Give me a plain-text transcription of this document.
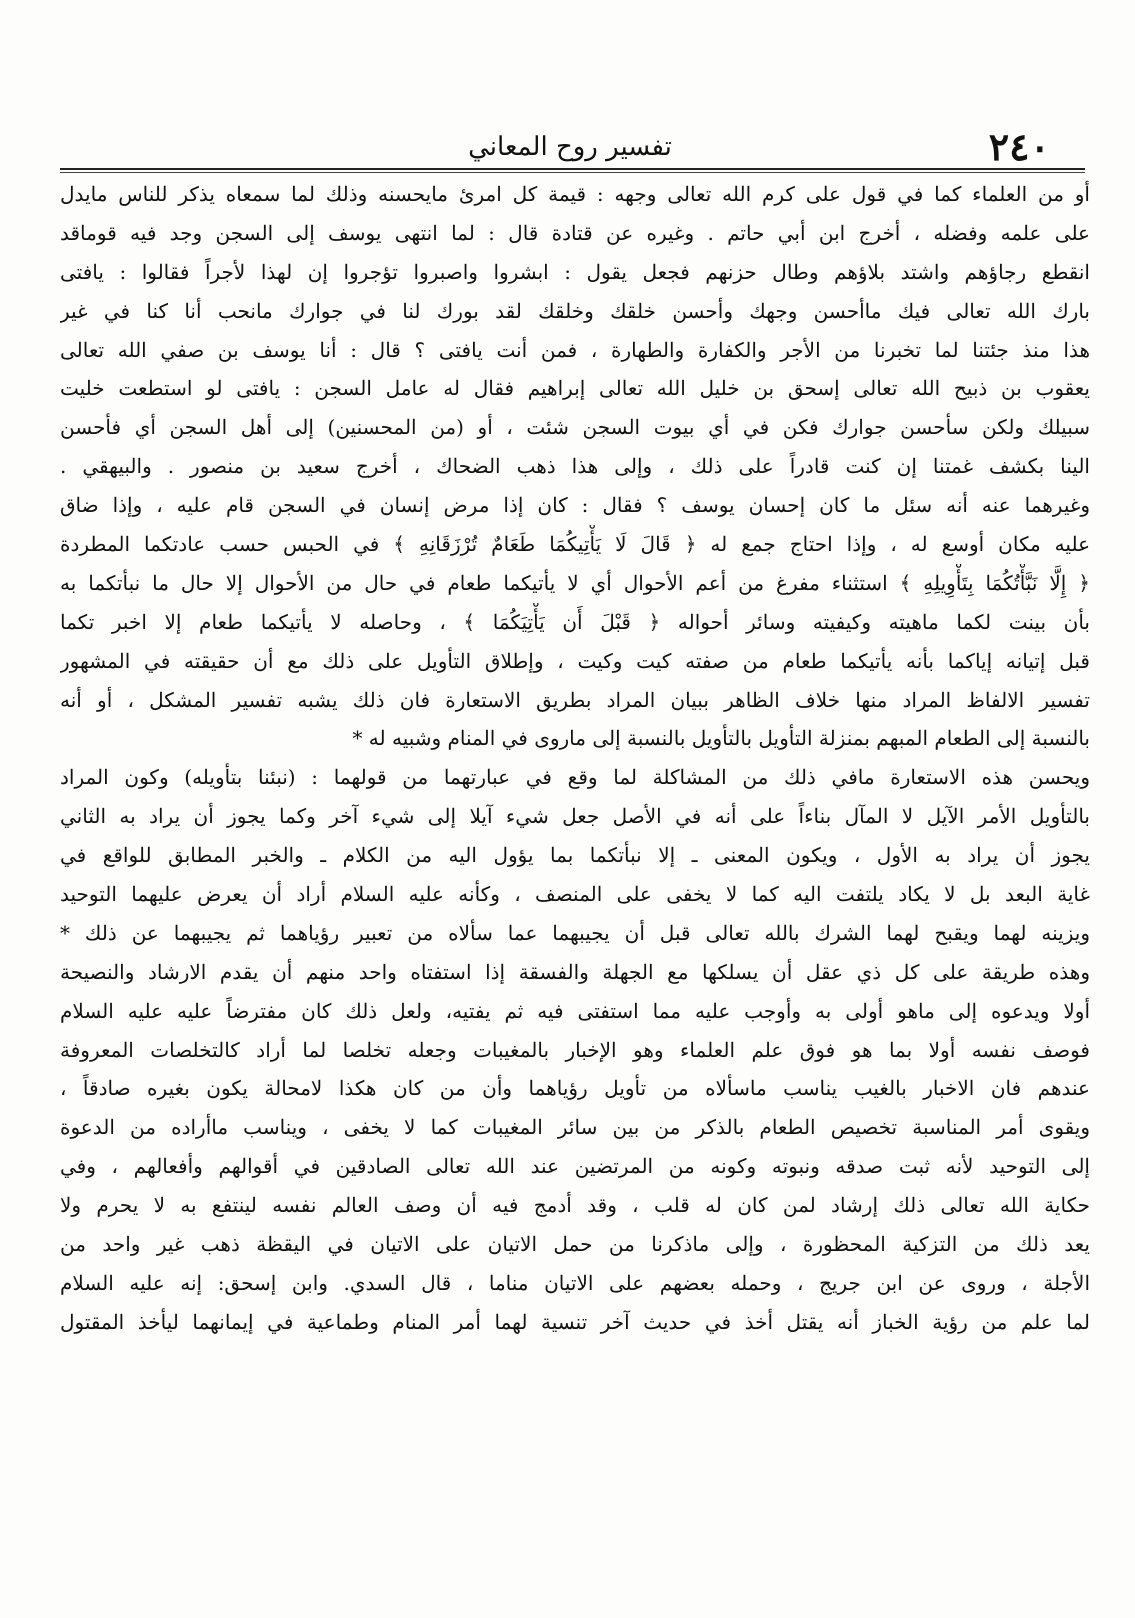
٢٤٠
تفسير روح المعاني
أو من العلماء كما في قول على كرم الله تعالى وجهه : قيمة كل امرئ مايحسنه وذلك لما سمعاه يذكر للناس مايدل
على علمه وفضله ، أخرج ابن أبي حاتم . وغيره عن قتادة قال : لما انتهى يوسف إلى السجن وجد فيه قوماقد
انقطع رجاؤهم واشتد بلاؤهم وطال حزنهم فجعل يقول : ابشروا واصبروا تؤجروا إن لهذا لأجراً فقالوا : يافتى
بارك الله تعالى فيك ماأحسن وجهك وأحسن خلقك وخلقك لقد بورك لنا في جوارك مانحب أنا كنا في غير
هذا منذ جئتنا لما تخبرنا من الأجر والكفارة والطهارة ، فمن أنت يافتى ؟ قال : أنا يوسف بن صفي الله تعالى
يعقوب بن ذبيح الله تعالى إسحق بن خليل الله تعالى إبراهيم فقال له عامل السجن : يافتى لو استطعت خليت
سبيلك ولكن سأحسن جوارك فكن في أي بيوت السجن شئت ، أو (من المحسنين) إلى أهل السجن أي فأحسن
الينا بكشف غمتنا إن كنت قادراً على ذلك ، وإلى هذا ذهب الضحاك ، أخرج سعيد بن منصور . والبيهقي .
وغيرهما عنه أنه سئل ما كان إحسان يوسف ؟ فقال : كان إذا مرض إنسان في السجن قام عليه ، وإذا ضاق
عليه مكان أوسع له ، وإذا احتاج جمع له ﴿ قَالَ لَا يَأْتِيكُمَا طَعَامٌ تُرْزَقَانِهِ ﴾ في الحبس حسب عادتكما المطردة
﴿ إِلَّا نَبَّأْتُكُمَا بِتَأْوِيلِهِ ﴾ استثناء مفرغ من أعم الأحوال أي لا يأتيكما طعام في حال من الأحوال إلا حال ما نبأتكما به
بأن بينت لكما ماهيته وكيفيته وسائر أحواله ﴿ قَبْلَ أَن يَأْتِيَكُمَا ﴾ ، وحاصله لا يأتيكما طعام إلا اخبر تكما
قبل إتيانه إياكما بأنه يأتيكما طعام من صفته كيت وكيت ، وإطلاق التأويل على ذلك مع أن حقيقته في المشهور
تفسير الالفاظ المراد منها خلاف الظاهر ببيان المراد بطريق الاستعارة فان ذلك يشبه تفسير المشكل ، أو أنه
بالنسبة إلى الطعام المبهم بمنزلة التأويل بالتأويل بالنسبة إلى ماروى في المنام وشبيه له *
ويحسن هذه الاستعارة مافي ذلك من المشاكلة لما وقع في عبارتهما من قولهما : (نبئنا بتأويله) وكون المراد
بالتأويل الأمر الآيل لا المآل بناءاً على أنه في الأصل جعل شيء آيلا إلى شيء آخر وكما يجوز أن يراد به الثاني
يجوز أن يراد به الأول ، ويكون المعنى ـ إلا نبأتكما بما يؤول اليه من الكلام ـ والخبر المطابق للواقع في
غاية البعد بل لا يكاد يلتفت اليه كما لا يخفى على المنصف ، وكأنه عليه السلام أراد أن يعرض عليهما التوحيد
ويزينه لهما ويقبح لهما الشرك بالله تعالى قبل أن يجيبهما عما سألاه من تعبير رؤياهما ثم يجيبهما عن ذلك *
وهذه طريقة على كل ذي عقل أن يسلكها مع الجهلة والفسقة إذا استفتاه واحد منهم أن يقدم الارشاد والنصيحة
أولا ويدعوه إلى ماهو أولى به وأوجب عليه مما استفتى فيه ثم يفتيه، ولعل ذلك كان مفترضاً عليه عليه السلام
فوصف نفسه أولا بما هو فوق علم العلماء وهو الإخبار بالمغيبات وجعله تخلصا لما أراد كالتخلصات المعروفة
عندهم فان الاخبار بالغيب يناسب ماسألاه من تأويل رؤياهما وأن من كان هكذا لامحالة يكون بغيره صادقاً ،
ويقوى أمر المناسبة تخصيص الطعام بالذكر من بين سائر المغيبات كما لا يخفى ، ويناسب ماأراده من الدعوة
إلى التوحيد لأنه ثبت صدقه ونبوته وكونه من المرتضين عند الله تعالى الصادقين في أقوالهم وأفعالهم ، وفي
حكاية الله تعالى ذلك إرشاد لمن كان له قلب ، وقد أدمج فيه أن وصف العالم نفسه لينتفع به لا يحرم ولا
يعد ذلك من التزكية المحظورة ، وإلى ماذكرنا من حمل الاتيان على الاتيان في اليقظة ذهب غير واحد من
الأجلة ، وروى عن ابن جريج ، وحمله بعضهم على الاتيان مناما ، قال السدي. وابن إسحق: إنه عليه السلام
لما علم من رؤية الخباز أنه يقتل أخذ في حديث آخر تنسية لهما أمر المنام وطماعية في إيمانهما ليأخذ المقتول
